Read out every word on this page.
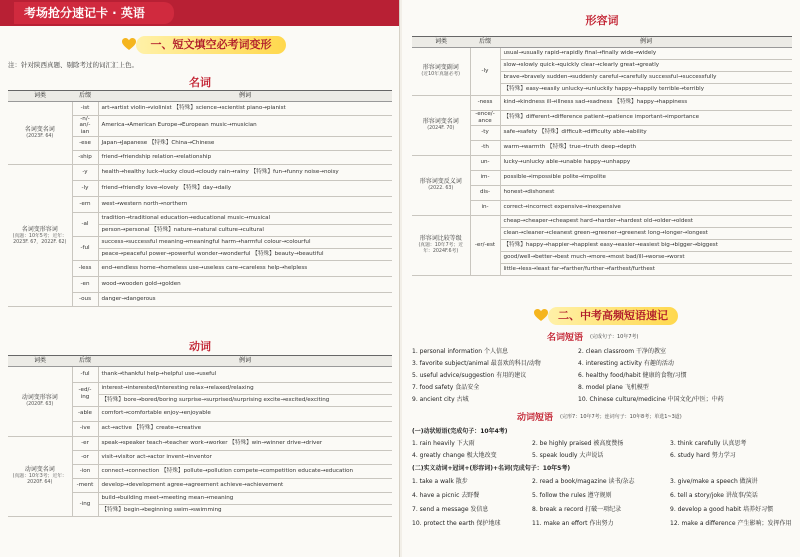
考场抢分速记卡 · 英语
一、短文填空必考词变形
注：针对陕西真题、剔除考过的词汇汇上色。
名词
词类	后缀	例词
名词变名词
(2023F. 64)	-ist	art→artist violin→violinist 【特殊】science→scientist piano→pianist
	-n/-an/-ian	America→American Europe→European music→musician
	-ese	Japan→Japanese 【特殊】China→Chinese
	-ship	friend→friendship relation→relationship
名词变形容词
(真题：10年5考；近年：2023F. 67，2022F. 62)	-y	health→healthy luck→lucky cloud→cloudy rain→rainy 【特殊】fun→funny noise→noisy
	-ly	friend→friendly love→lovely 【特殊】day→daily
	-ern	west→western north→northern
	-al	tradition→traditional education→educational music→musical
		person→personal 【特殊】nature→natural culture→cultural
	-ful	success→successful meaning→meaningful harm→harmful colour→colourful
		peace→peaceful power→powerful wonder→wonderful 【特殊】beauty→beautiful
	-less	end→endless home→homeless use→useless care→careless help→helpless
	-en	wood→wooden gold→golden
	-ous	danger→dangerous
动词
词类	后缀	例词
动词变形容词
(2020F. 63)	-ful	thank→thankful help→helpful use→useful
	-ed/-ing	interest→interested/interesting relax→relaxed/relaxing
		【特殊】bore→bored/boring surprise→surprised/surprising excite→excited/exciting
	-able	comfort→comfortable enjoy→enjoyable
	-ive	act→active 【特殊】create→creative
动词变名词
(真题：10年3考；近年：2020F. 64)	-er	speak→speaker teach→teacher work→worker 【特殊】win→winner drive→driver
	-or	visit→visitor act→actor invent→inventor
	-ion	connect→connection 【特殊】pollute→pollution compete→competition educate→education
	-ment	develop→development agree→agreement achieve→achievement
	-ing	build→building meet→meeting mean→meaning
		【特殊】begin→beginning swim→swimming
形容词
词类	后缀	例词
形容词变副词
(近10年真题必考)	-ly	usual→usually rapid→rapidly final→finally wide→widely
		slow→slowly quick→quickly clear→clearly great→greatly
		brave→bravely sudden→suddenly careful→carefully successful→successfully
		【特殊】easy→easily unlucky→unluckily happy→happily terrible→terribly
形容词变名词
(2024F. 70)	-ness	kind→kindness ill→illness sad→sadness 【特殊】happy→happiness
	-ence/-ance	【特殊】different→difference patient→patience important→importance
	-ty	safe→safety 【特殊】difficult→difficulty able→ability
	-th	warm→warmth 【特殊】true→truth deep→depth
形容词变反义词
(2022. 63)	un-	lucky→unlucky able→unable happy→unhappy
	im-	possible→impossible polite→impolite
	dis-	honest→dishonest
	in-	correct→incorrect expensive→inexpensive
形容词比较等级
(真题：10年7考；近年：2024F.6考)	-er/-est	cheap→cheaper→cheapest hard→harder→hardest old→older→oldest
		clean→cleaner→cleanest green→greener→greenest long→longer→longest
		【特殊】happy→happier→happiest easy→easier→easiest big→bigger→biggest
		good/well→better→best much→more→most bad/ill→worse→worst
		little→less→least far→farther/further→farthest/furthest
二、中考高频短语速记
名词短语 (完成句子：10年7考)
1. personal information 个人信息	2. clean classroom 干净的教室
3. favorite subject/animal 最喜欢的科目/动物	4. interesting activity 有趣的活动
5. useful advice/suggestion 有用的建议	6. healthy food/habit 健康的食物/习惯
7. food safety 食品安全	8. model plane 飞机模型
9. ancient city 古城	10. Chinese culture/medicine 中国文化/中医；中药
动词短语 (完形7：10年7考；连词句子：10年8考；单选1~3道)
(一)动状短语(完成句子：10年4考)
1. rain heavily 下大雨	2. be highly praised 被高度赞扬	3. think carefully 认真思考
4. greatly change 极大地改变	5. speak loudly 大声说话	6. study hard 努力学习
(二)实义动词+冠词+(形容词)+名词(完成句子：10年5考)
1. take a walk 散步	2. read a book/magazine 读书/杂志	3. give/make a speech 做演讲
4. have a picnic 去野餐	5. follow the rules 遵守规则	6. tell a story/joke 讲故事/笑话
7. send a message 发信息	8. break a record 打破一项纪录	9. develop a good habit 培养好习惯
10. protect the earth 保护地球	11. make an effort 作出努力	12. make a difference 产生影响；发挥作用
